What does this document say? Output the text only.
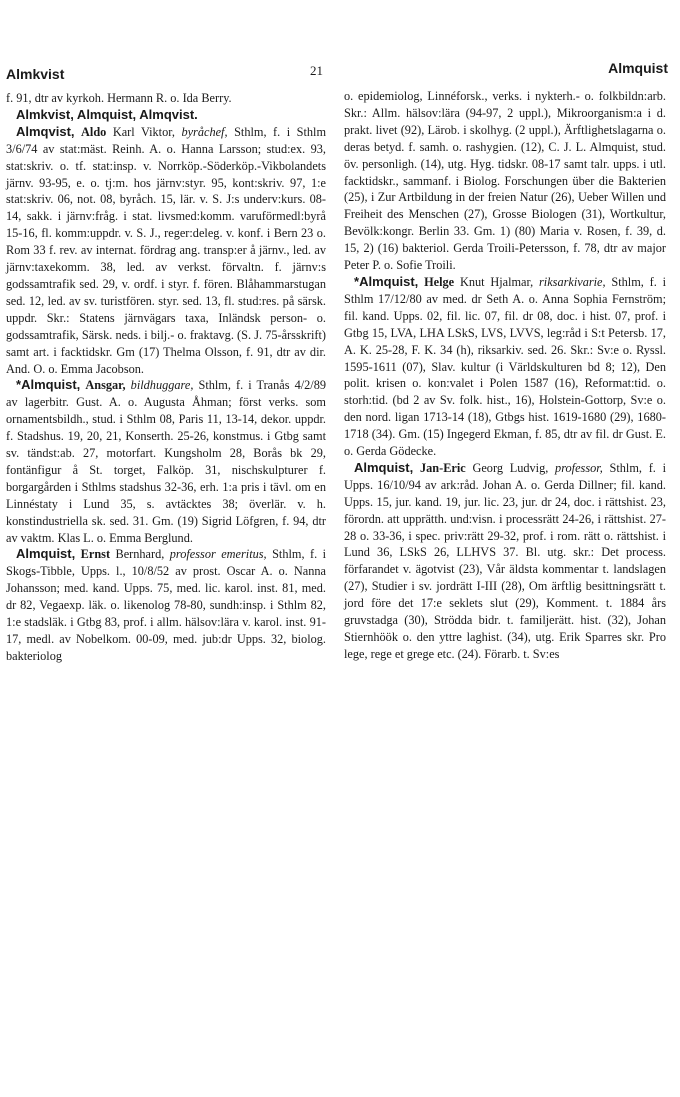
Almkvist	21	Almquist

f. 91, dtr av kyrkoh. Hermann R. o. Ida Berry.

Almkvist, Almquist, Almqvist.

Almqvist, Aldo Karl Viktor, byråchef, Sthlm, f. i Sthlm 3/6/74 av stat:mäst. Reinh. A. o. Hanna Larsson; stud:ex. 93, stat:skriv. o. tf. stat:insp. v. Norrköp.-Söderköp.-Vikbolandets järnv. 93-95, e. o. tj:m. hos järnv:styr. 95, kont:skriv. 97, 1:e stat:skriv. 06, not. 08, byråch. 15, lär. v. S. J:s underv:kurs. 08-14, sakk. i järnv:fråg. i stat. livsmed:komm. varuförmedl:byrå 15-16, fl. komm:uppdr. v. S. J., reger:deleg. v. konf. i Bern 23 o. Rom 33 f. rev. av internat. fördrag ang. transp:er å järnv., led. av järnv:taxekomm. 38, led. av verkst. förvaltn. f. järnv:s godssamtrafik sed. 29, v. ordf. i styr. f. fören. Blåhammarstugan sed. 12, led. av sv. turistfören. styr. sed. 13, fl. stud:res. på särsk. uppdr. Skr.: Statens järnvägars taxa, Inländsk person- o. godssamtrafik, Särsk. neds. i bilj.- o. fraktavg. (S. J. 75-årsskrift) samt art. i facktidskr. Gm (17) Thelma Olsson, f. 91, dtr av dir. And. O. o. Emma Jacobson.

*Almquist, Ansgar, bildhuggare, Sthlm, f. i Tranås 4/2/89 av lagerbitr. Gust. A. o. Augusta Åhman; först verks. som ornamentsbildh., stud. i Sthlm 08, Paris 11, 13-14, dekor. uppdr. f. Stadshus. 19, 20, 21, Konserth. 25-26, konstmus. i Gtbg samt sv. tändst:ab. 27, motorfart. Kungsholm 28, Borås bk 29, fontänfigur å St. torget, Falköp. 31, nischskulpturer f. borgargården i Sthlms stadshus 32-36, erh. 1:a pris i tävl. om en Linnéstaty i Lund 35, s. avtäcktes 38; överlär. v. h. konstindustriella sk. sed. 31. Gm. (19) Sigrid Löfgren, f. 94, dtr av vaktm. Klas L. o. Emma Berglund.

Almquist, Ernst Bernhard, professor emeritus, Sthlm, f. i Skogs-Tibble, Upps. l., 10/8/52 av prost. Oscar A. o. Nanna Johansson; med. kand. Upps. 75, med. lic. karol. inst. 81, med. dr 82, Vegaexp. läk. o. likenolog 78-80, sundh:insp. i Sthlm 82, 1:e stadsläk. i Gtbg 83, prof. i allm. hälsov:lära v. karol. inst. 91-17, medl. av Nobelkom. 00-09, med. jub:dr Upps. 32, biolog. bakteriolog

o. epidemiolog, Linnéforsk., verks. i nykterh.- o. folkbildn:arb. Skr.: Allm. hälsov:lära (94-97, 2 uppl.), Mikroorganism:a i d. prakt. livet (92), Lärob. i skolhyg. (2 uppl.), Ärftlighetslagarna o. deras betyd. f. samh. o. rashygien. (12), C. J. L. Almquist, stud. öv. personligh. (14), utg. Hyg. tidskr. 08-17 samt talr. upps. i utl. facktidskr., sammanf. i Biolog. Forschungen über die Bakterien (25), i Zur Artbildung in der freien Natur (26), Ueber Willen und Freiheit des Menschen (27), Grosse Biologen (31), Wortkultur, Bevölk:kongr. Berlin 33. Gm. 1) (80) Maria v. Rosen, f. 39, d. 15, 2) (16) bakteriol. Gerda Troili-Petersson, f. 78, dtr av major Peter P. o. Sofie Troili.

*Almquist, Helge Knut Hjalmar, riksarkivarie, Sthlm, f. i Sthlm 17/12/80 av med. dr Seth A. o. Anna Sophia Fernström; fil. kand. Upps. 02, fil. lic. 07, fil. dr 08, doc. i hist. 07, prof. i Gtbg 15, LVA, LHA LSkS, LVS, LVVS, leg:råd i S:t Petersb. 17, A. K. 25-28, F. K. 34 (h), riksarkiv. sed. 26. Skr.: Sv:e o. Ryssl. 1595-1611 (07), Slav. kultur (i Världskulturen bd 8; 12), Den polit. krisen o. kon:valet i Polen 1587 (16), Reformat:tid. o. storh:tid. (bd 2 av Sv. folk. hist., 16), Holstein-Gottorp, Sv:e o. den nord. ligan 1713-14 (18), Gtbgs hist. 1619-1680 (29), 1680-1718 (34). Gm. (15) Ingegerd Ekman, f. 85, dtr av fil. dr Gust. E. o. Gerda Gödecke.

Almquist, Jan-Eric Georg Ludvig, professor, Sthlm, f. i Upps. 16/10/94 av ark:råd. Johan A. o. Gerda Dillner; fil. kand. Upps. 15, jur. kand. 19, jur. lic. 23, jur. dr 24, doc. i rättshist. 23, förordn. att upprätth. und:visn. i processrätt 24-26, i rättshist. 27-28 o. 33-36, i spec. priv:rätt 29-32, prof. i rom. rätt o. rättshist. i Lund 36, LSkS 26, LLHVS 37. Bl. utg. skr.: Det process. förfarandet v. ägotvist (23), Vår äldsta kommentar t. landslagen (27), Studier i sv. jordrätt I-III (28), Om ärftlig besittningsrätt t. jord före det 17:e seklets slut (29), Komment. t. 1884 års gruvstadga (30), Strödda bidr. t. familjerätt. hist. (32), Johan Stiernhöök o. den yttre laghist. (34), utg. Erik Sparres skr. Pro lege, rege et grege etc. (24). Förarb. t. Sv:es
